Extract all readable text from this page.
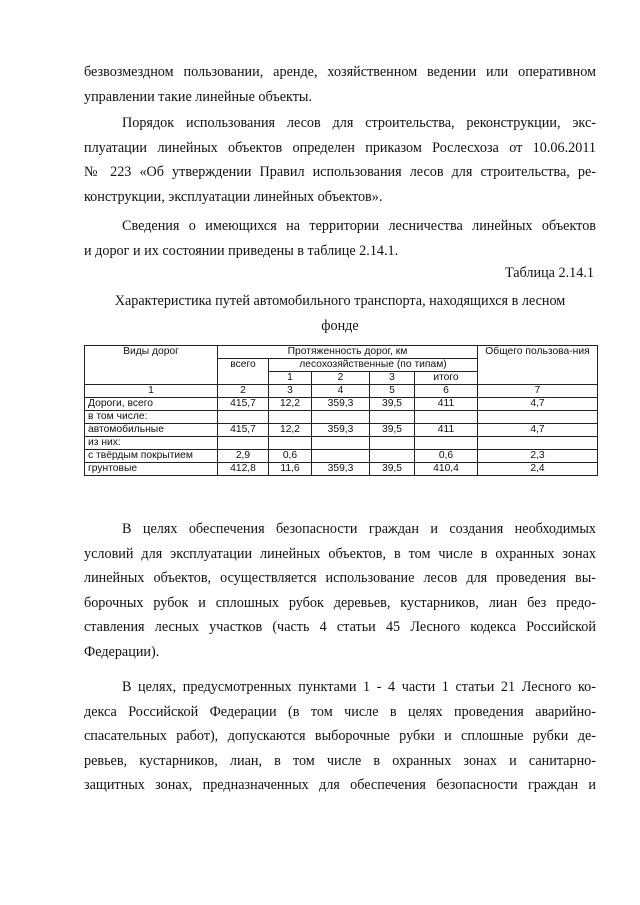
безвозмездном пользовании, аренде, хозяйственном ведении или оперативном
управлении такие линейные объекты.

Порядок использования лесов для строительства, реконструкции, экс-
плуатации линейных объектов определен приказом Рослесхоза от 10.06.2011
№ 223 «Об утверждении Правил использования лесов для строительства, ре-
конструкции, эксплуатации линейных объектов».

Сведения о имеющихся на территории лесничества линейных объектов
и дорог и их состоянии приведены в таблице 2.14.1.

Таблица 2.14.1

Характеристика путей автомобильного транспорта, находящихся в лесном
фонде

Виды дорог	Протяженность дорог, км					Общего пользова-ния
	всего	лесохозяйственные (по типам)				
		1	2	3	итого	
1	2	3	4	5	6	7
Дороги, всего	415,7	12,2	359,3	39,5	411	4,7
в том числе:						
автомобильные	415,7	12,2	359,3	39,5	411	4,7
из них:						
с твёрдым покрытием	2,9	0,6			0,6	2,3
грунтовые	412,8	11,6	359,3	39,5	410,4	2,4

В целях обеспечения безопасности граждан и создания необходимых
условий для эксплуатации линейных объектов, в том числе в охранных зонах
линейных объектов, осуществляется использование лесов для проведения вы-
борочных рубок и сплошных рубок деревьев, кустарников, лиан без предо-
ставления лесных участков (часть 4 статьи 45 Лесного кодекса Российской
Федерации).

В целях, предусмотренных пунктами 1 - 4 части 1 статьи 21 Лесного ко-
декса Российской Федерации (в том числе в целях проведения аварийно-
спасательных работ), допускаются выборочные рубки и сплошные рубки де-
ревьев, кустарников, лиан, в том числе в охранных зонах и санитарно-
защитных зонах, предназначенных для обеспечения безопасности граждан и
